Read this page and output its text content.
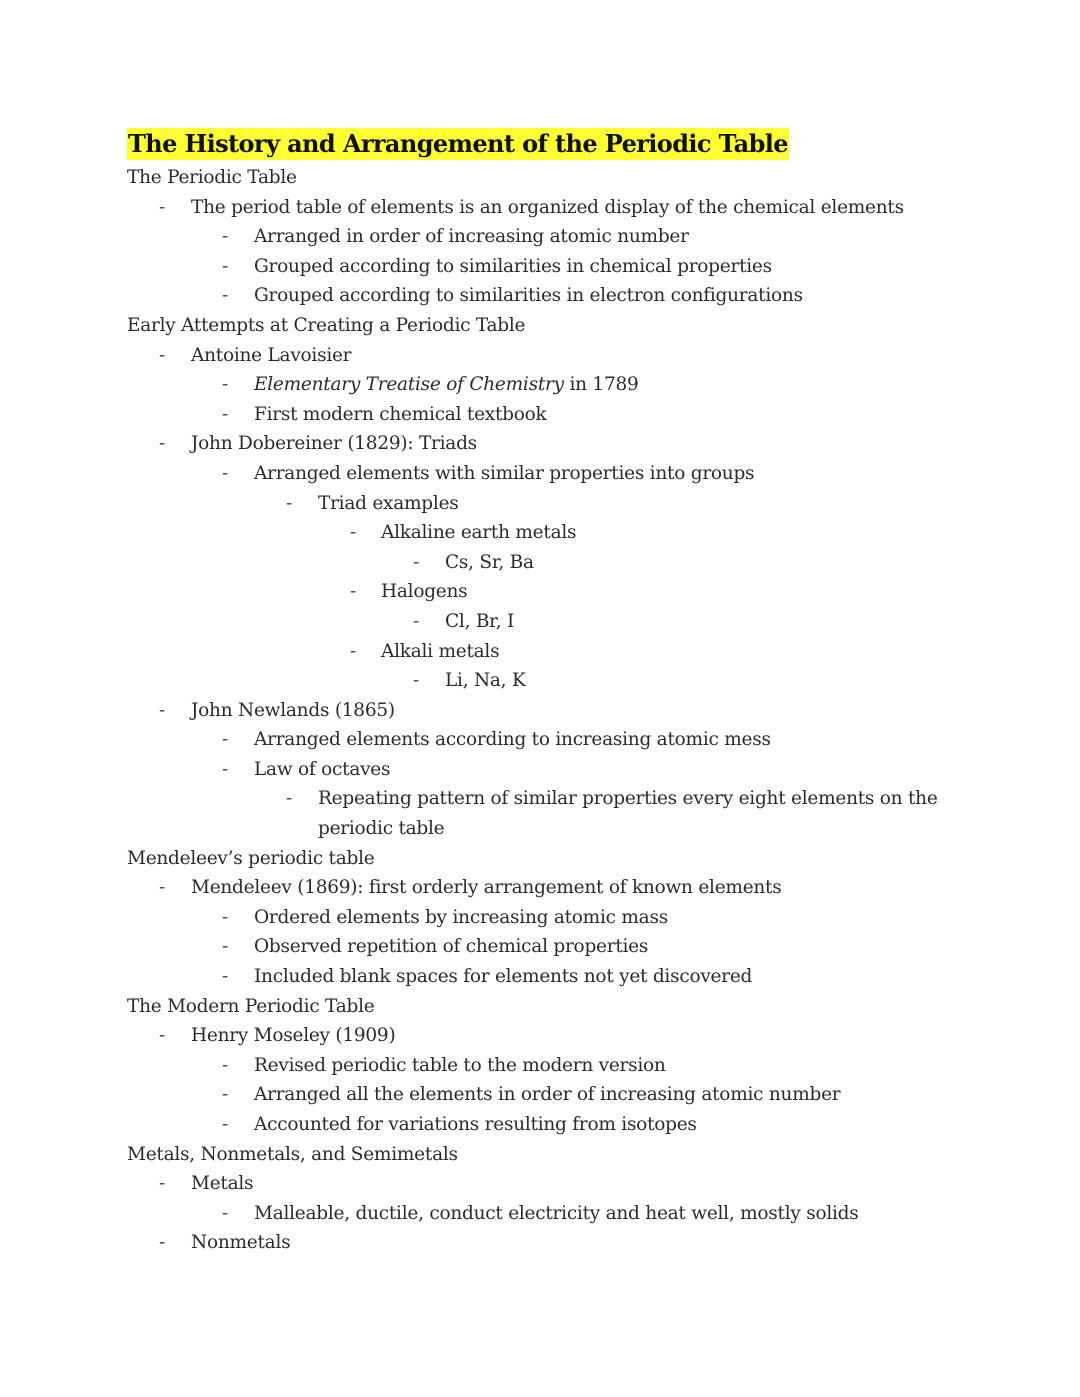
The History and Arrangement of the Periodic Table
The Periodic Table
- The period table of elements is an organized display of the chemical elements
- Arranged in order of increasing atomic number
- Grouped according to similarities in chemical properties
- Grouped according to similarities in electron configurations
Early Attempts at Creating a Periodic Table
- Antoine Lavoisier
- Elementary Treatise of Chemistry in 1789
- First modern chemical textbook
- John Dobereiner (1829): Triads
- Arranged elements with similar properties into groups
- Triad examples
- Alkaline earth metals
- Cs, Sr, Ba
- Halogens
- Cl, Br, I
- Alkali metals
- Li, Na, K
- John Newlands (1865)
- Arranged elements according to increasing atomic mess
- Law of octaves
- Repeating pattern of similar properties every eight elements on the
periodic table
Mendeleev’s periodic table
- Mendeleev (1869): first orderly arrangement of known elements
- Ordered elements by increasing atomic mass
- Observed repetition of chemical properties
- Included blank spaces for elements not yet discovered
The Modern Periodic Table
- Henry Moseley (1909)
- Revised periodic table to the modern version
- Arranged all the elements in order of increasing atomic number
- Accounted for variations resulting from isotopes
Metals, Nonmetals, and Semimetals
- Metals
- Malleable, ductile, conduct electricity and heat well, mostly solids
- Nonmetals
